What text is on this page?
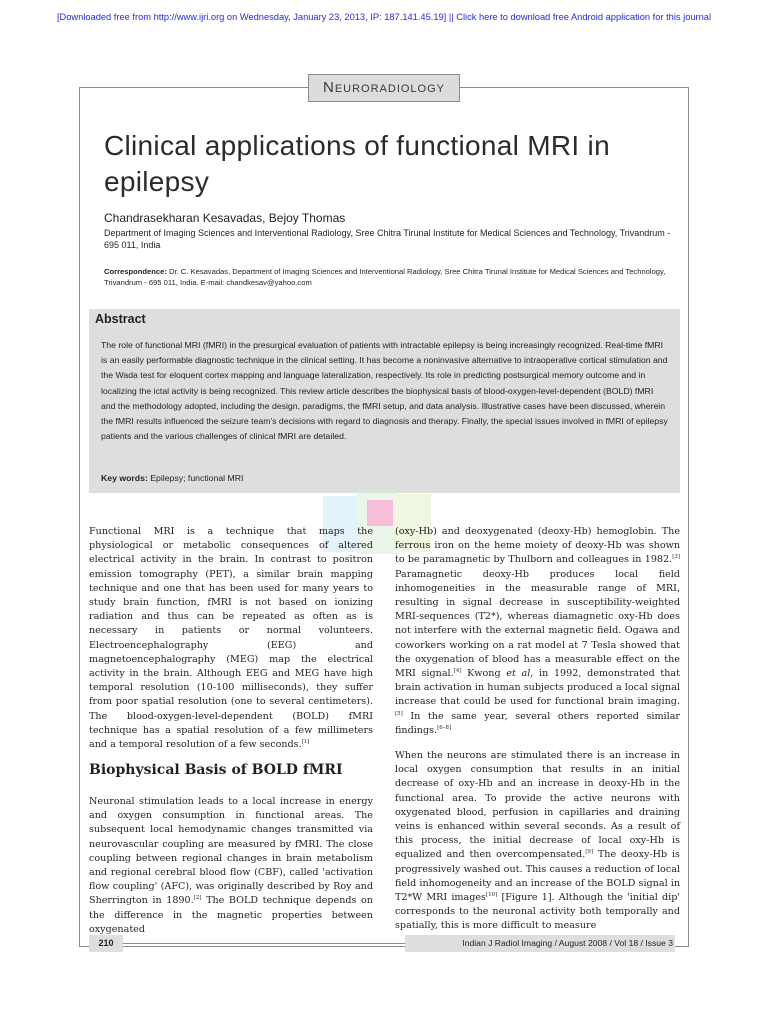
[Downloaded free from http://www.ijri.org on Wednesday, January 23, 2013, IP: 187.141.45.19] || Click here to download free Android application for this journal
Neuroradiology
Clinical applications of functional MRI in epilepsy
Chandrasekharan Kesavadas, Bejoy Thomas
Department of Imaging Sciences and Interventional Radiology, Sree Chitra Tirunal Institute for Medical Sciences and Technology, Trivandrum - 695 011, India
Correspondence: Dr. C. Kesavadas, Department of Imaging Sciences and Interventional Radiology, Sree Chitra Tirunal Institute for Medical Sciences and Technology, Trivandrum - 695 011, India. E-mail: chandkesav@yahoo.com
Abstract
The role of functional MRI (fMRI) in the presurgical evaluation of patients with intractable epilepsy is being increasingly recognized. Real-time fMRI is an easily performable diagnostic technique in the clinical setting. It has become a noninvasive alternative to intraoperative cortical stimulation and the Wada test for eloquent cortex mapping and language lateralization, respectively. Its role in predicting postsurgical memory outcome and in localizing the ictal activity is being recognized. This review article describes the biophysical basis of blood-oxygen-level-dependent (BOLD) fMRI and the methodology adopted, including the design, paradigms, the fMRI setup, and data analysis. Illustrative cases have been discussed, wherein the fMRI results influenced the seizure team's decisions with regard to diagnosis and therapy. Finally, the special issues involved in fMRI of epilepsy patients and the various challenges of clinical fMRI are detailed.
Key words: Epilepsy; functional MRI

Functional MRI is a technique that maps the physiological or metabolic consequences of altered electrical activity in the brain. In contrast to positron emission tomography (PET), a similar brain mapping technique and one that has been used for many years to study brain function, fMRI is not based on ionizing radiation and thus can be repeated as often as is necessary in patients or normal volunteers. Electroencephalography (EEG) and magnetoencephalography (MEG) map the electrical activity in the brain. Although EEG and MEG have high temporal resolution (10-100 milliseconds), they suffer from poor spatial resolution (one to several centimeters). The blood-oxygen-level-dependent (BOLD) fMRI technique has a spatial resolution of a few millimeters and a temporal resolution of a few seconds.[1]

Biophysical Basis of BOLD fMRI

Neuronal stimulation leads to a local increase in energy and oxygen consumption in functional areas. The subsequent local hemodynamic changes transmitted via neurovascular coupling are measured by fMRI. The close coupling between regional changes in brain metabolism and regional cerebral blood flow (CBF), called 'activation flow coupling' (AFC), was originally described by Roy and Sherrington in 1890.[2] The BOLD technique depends on the difference in the magnetic properties between oxygenated

(oxy-Hb) and deoxygenated (deoxy-Hb) hemoglobin. The ferrous iron on the heme moiety of deoxy-Hb was shown to be paramagnetic by Thulborn and colleagues in 1982.[3] Paramagnetic deoxy-Hb produces local field inhomogeneities in the measurable range of MRI, resulting in signal decrease in susceptibility-weighted MRI-sequences (T2*), whereas diamagnetic oxy-Hb does not interfere with the external magnetic field. Ogawa and coworkers working on a rat model at 7 Tesla showed that the oxygenation of blood has a measurable effect on the MRI signal.[4] Kwong et al, in 1992, demonstrated that brain activation in human subjects produced a local signal increase that could be used for functional brain imaging.[5] In the same year, several others reported similar findings.[6–8]

When the neurons are stimulated there is an increase in local oxygen consumption that results in an initial decrease of oxy-Hb and an increase in deoxy-Hb in the functional area. To provide the active neurons with oxygenated blood, perfusion in capillaries and draining veins is enhanced within several seconds. As a result of this process, the initial decrease of local oxy-Hb is equalized and then overcompensated.[9] The deoxy-Hb is progressively washed out. This causes a reduction of local field inhomogeneity and an increase of the BOLD signal in T2*W MRI images[10] [Figure 1]. Although the 'initial dip' corresponds to the neuronal activity both temporally and spatially, this is more difficult to measure

210	Indian J Radiol Imaging / August 2008 / Vol 18 / Issue 3
